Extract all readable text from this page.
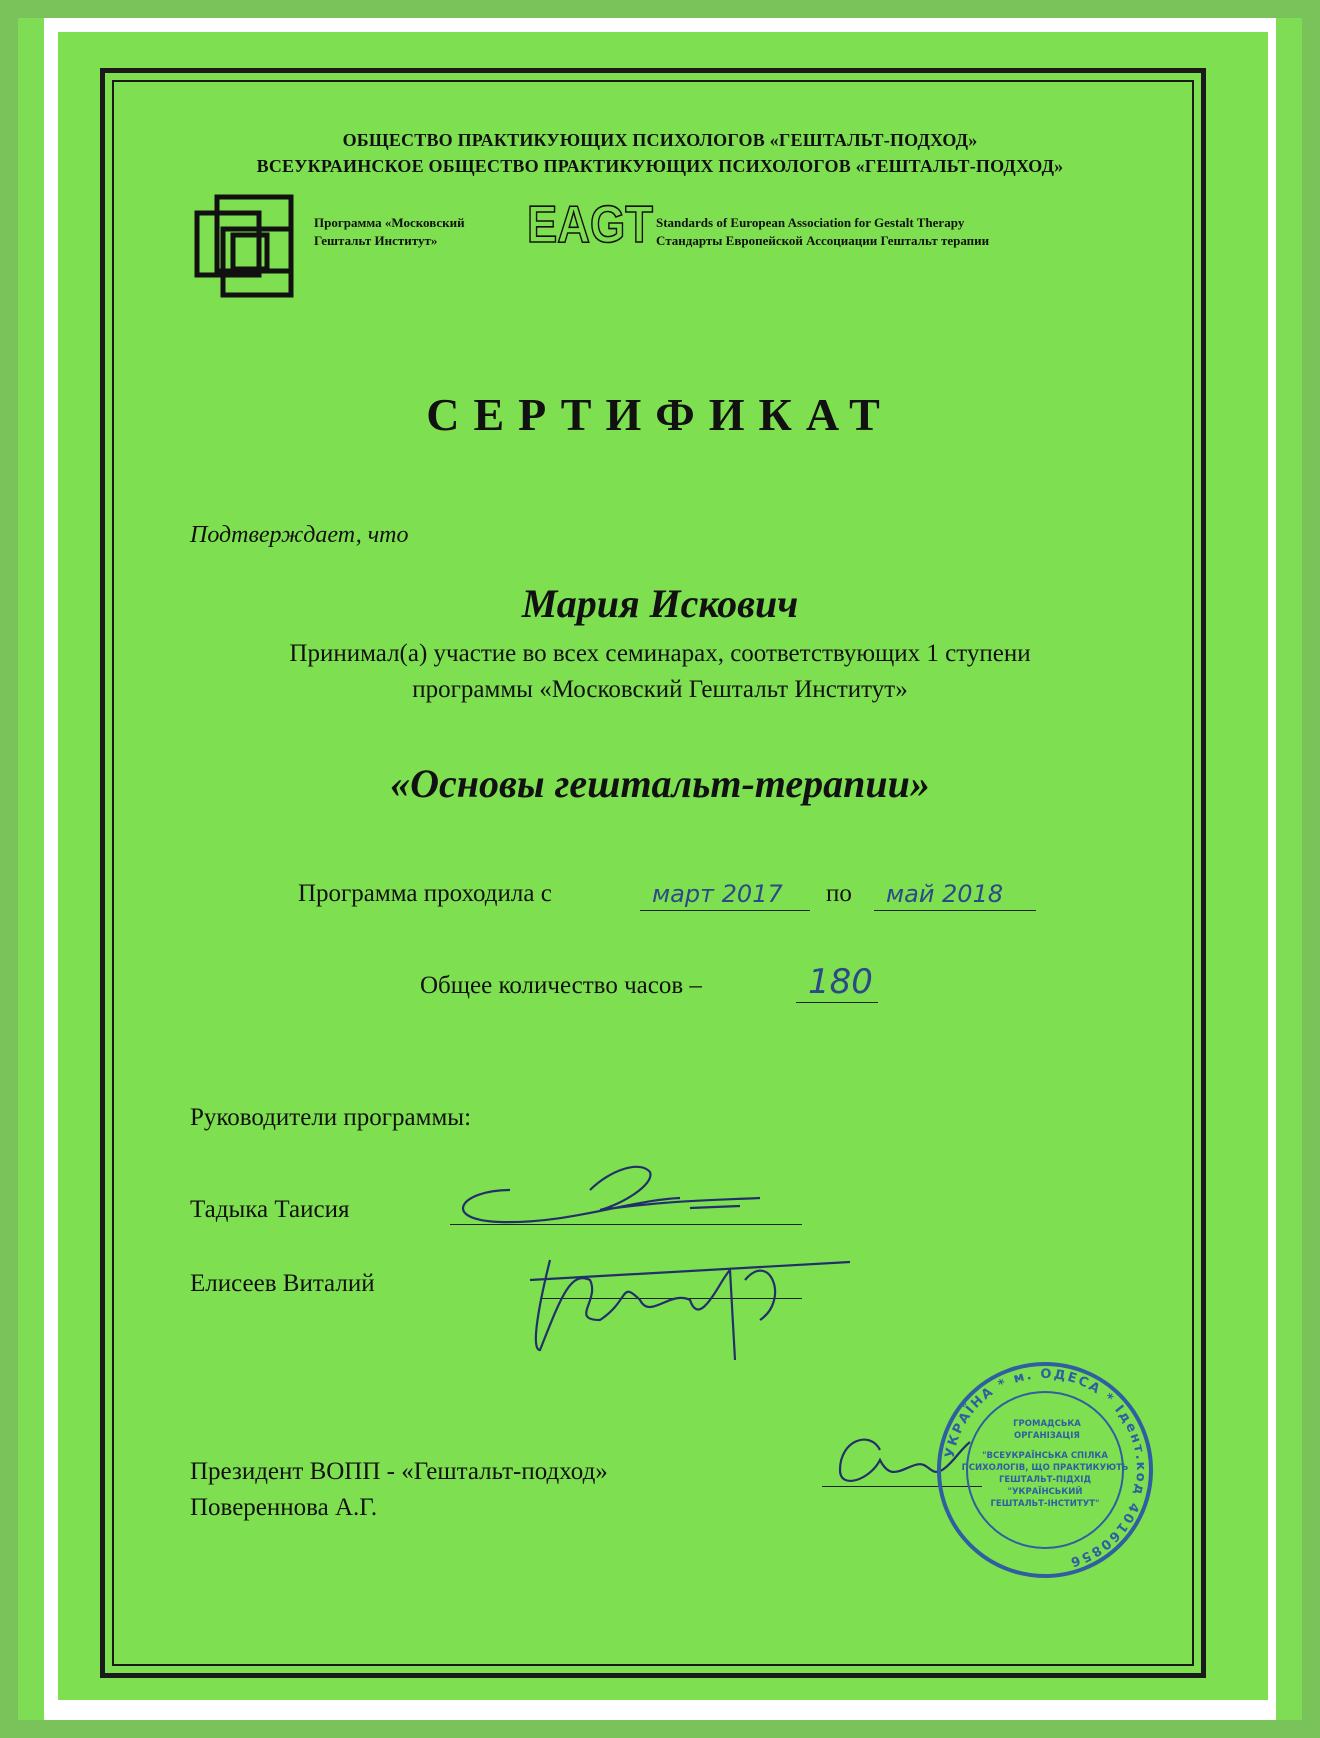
ОБЩЕСТВО ПРАКТИКУЮЩИХ ПСИХОЛОГОВ «ГЕШТАЛЬТ-ПОДХОД»
ВСЕУКРАИНСКОЕ ОБЩЕСТВО ПРАКТИКУЮЩИХ ПСИХОЛОГОВ «ГЕШТАЛЬТ-ПОДХОД»
Программа «Московский
Гештальт Институт» EAGT Standards of European Association for Gestalt Therapy
Стандарты Европейской Ассоциации Гештальт терапии
СЕРТИФИКАТ
Подтверждает, что
Мария Искович
Принимал(а) участие во всех семинарах, соответствующих 1 ступени
программы «Московский Гештальт Институт»
«Основы гештальт-терапии»
Программа проходила с	март 2017 по май 2018
Общее количество часов –	180
Руководители программы:
Тадыка Таисия
Елисеев Виталий
Президент ВОПП - «Гештальт-подход»
Повереннова А.Г.
УКРАЇНА * м. ОДЕСА * Ідент.код 40160856
ГРОМАДСЬКА
ОРГАНІЗАЦІЯ
"ВСЕУКРАЇНСЬКА СПІЛКА
ПСИХОЛОГІВ, ЩО ПРАКТИКУЮТЬ
ГЕШТАЛЬТ-ПІДХІД
"УКРАЇНСЬКИЙ
ГЕШТАЛЬТ-ІНСТИТУТ"
